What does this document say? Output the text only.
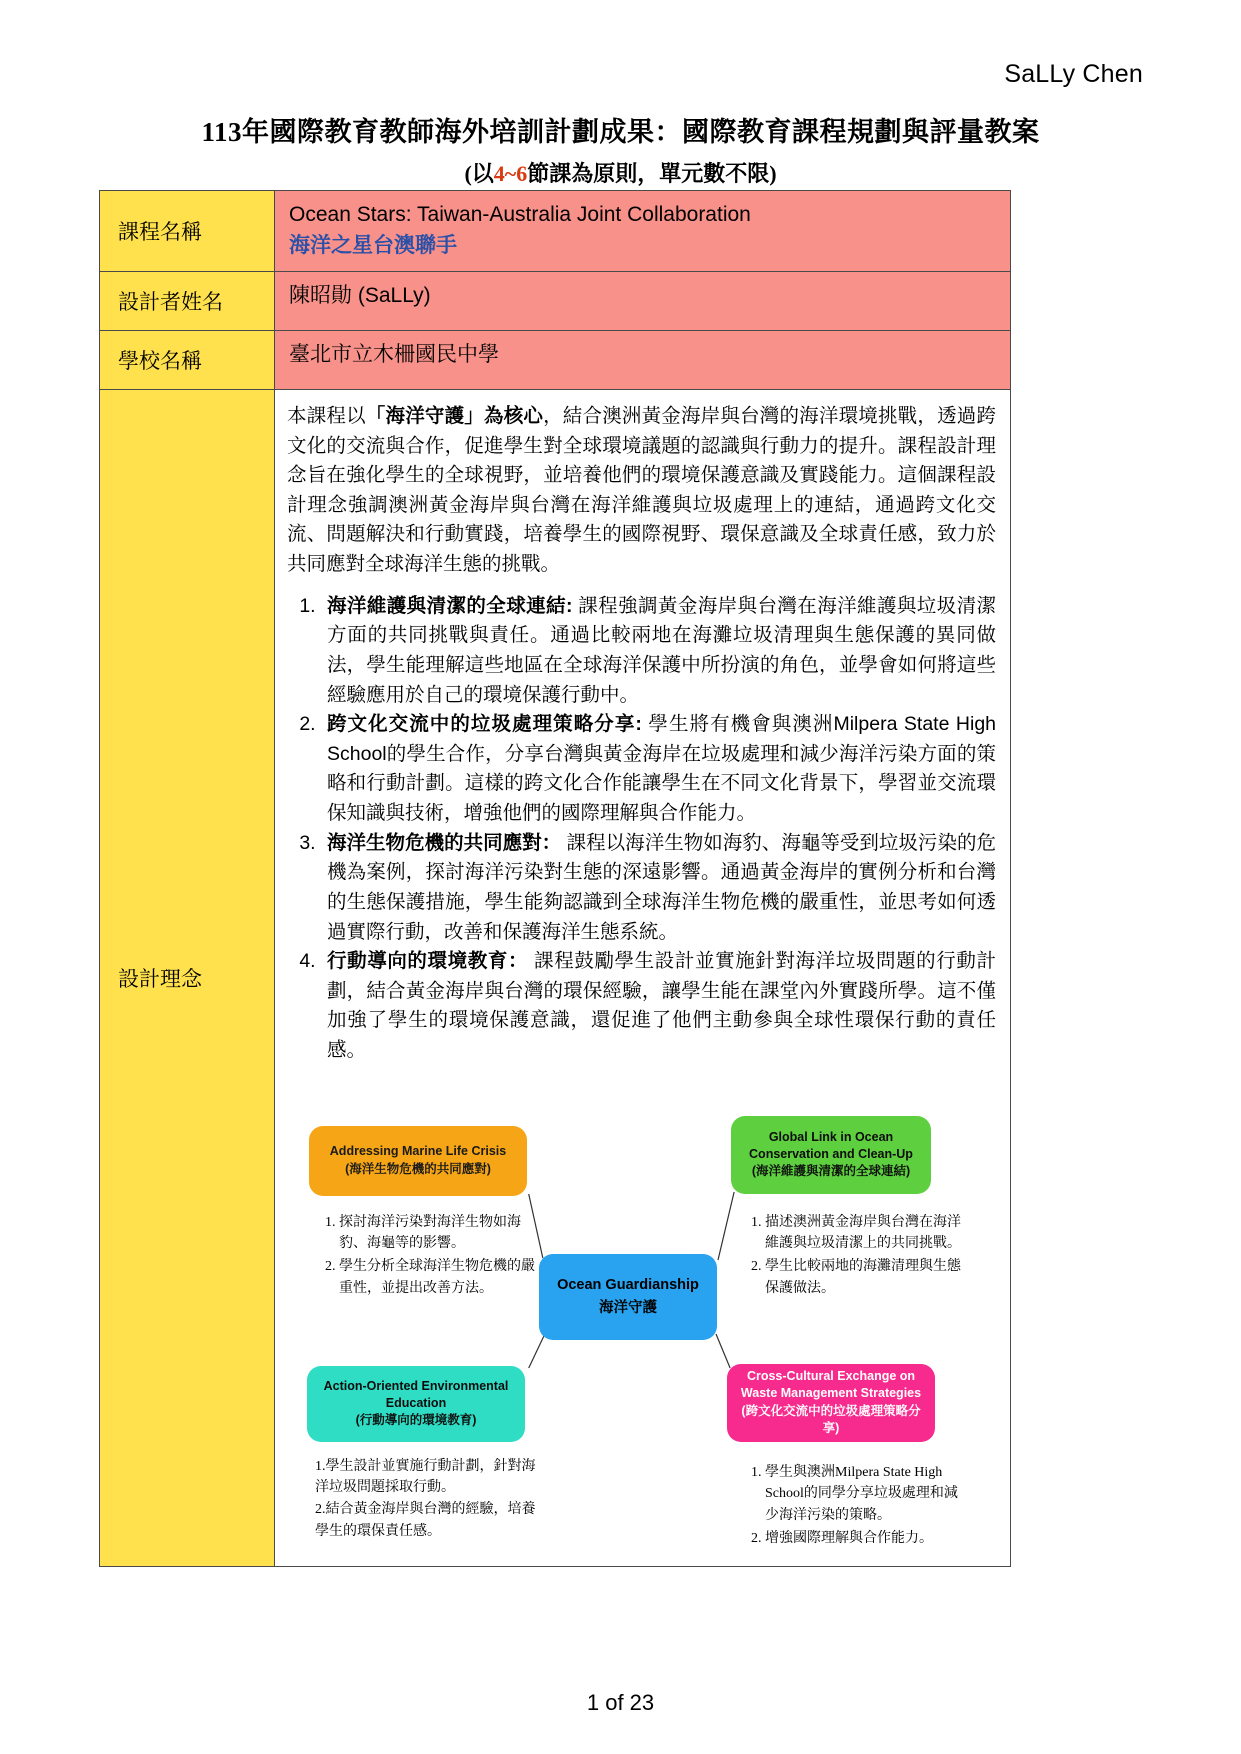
SaLLy Chen
113年國際教育教師海外培訓計劃成果：國際教育課程規劃與評量教案
(以4~6節課為原則，單元數不限)
課程名稱	Ocean Stars: Taiwan-Australia Joint Collaboration
海洋之星台澳聯手

設計者姓名	陳昭勛 (SaLLy)
學校名稱	臺北市立木柵國民中學
設計理念	

本課程以「海洋守護」為核心，結合澳洲黃金海岸與台灣的海洋環境挑戰，透過跨文化的交流與合作，促進學生對全球環境議題的認識與行動力的提升。課程設計理念旨在強化學生的全球視野，並培養他們的環境保護意識及實踐能力。這個課程設計理念強調澳洲黃金海岸與台灣在海洋維護與垃圾處理上的連結，通過跨文化交流、問題解決和行動實踐，培養學生的國際視野、環保意識及全球責任感，致力於共同應對全球海洋生態的挑戰。

1. 海洋維護與清潔的全球連結: 課程強調黃金海岸與台灣在海洋維護與垃圾清潔方面的共同挑戰與責任。通過比較兩地在海灘垃圾清理與生態保護的異同做法，學生能理解這些地區在全球海洋保護中所扮演的角色，並學會如何將這些經驗應用於自己的環境保護行動中。
2. 跨文化交流中的垃圾處理策略分享: 學生將有機會與澳洲Milpera State High School的學生合作，分享台灣與黃金海岸在垃圾處理和減少海洋污染方面的策略和行動計劃。這樣的跨文化合作能讓學生在不同文化背景下，學習並交流環保知識與技術，增強他們的國際理解與合作能力。
3. 海洋生物危機的共同應對： 課程以海洋生物如海豹、海龜等受到垃圾污染的危機為案例，探討海洋污染對生態的深遠影響。通過黃金海岸的實例分析和台灣的生態保護措施，學生能夠認識到全球海洋生物危機的嚴重性，並思考如何透過實際行動，改善和保護海洋生態系統。
4. 行動導向的環境教育： 課程鼓勵學生設計並實施針對海洋垃圾問題的行動計劃，結合黃金海岸與台灣的環保經驗，讓學生能在課堂內外實踐所學。這不僅加強了學生的環境保護意識，還促進了他們主動參與全球性環保行動的責任感。
Addressing Marine Life Crisis
(海洋生物危機的共同應對)
Global Link in Ocean Conservation and Clean-Up
(海洋維護與清潔的全球連結)
Ocean Guardianship
海洋守護
Action-Oriented Environmental Education
(行動導向的環境教育)
Cross-Cultural Exchange on Waste Management Strategies
(跨文化交流中的垃圾處理策略分享)
1. 探討海洋污染對海洋生物如海豹、海龜等的影響。
2. 學生分析全球海洋生物危機的嚴重性，並提出改善方法。
1. 描述澳洲黃金海岸與台灣在海洋維護與垃圾清潔上的共同挑戰。
2. 學生比較兩地的海灘清理與生態保護做法。
1.學生設計並實施行動計劃，針對海洋垃圾問題採取行動。
2.結合黃金海岸與台灣的經驗，培養學生的環保責任感。
1. 學生與澳洲Milpera State High School的同學分享垃圾處理和減少海洋污染的策略。
2. 增強國際理解與合作能力。
1 of 23
